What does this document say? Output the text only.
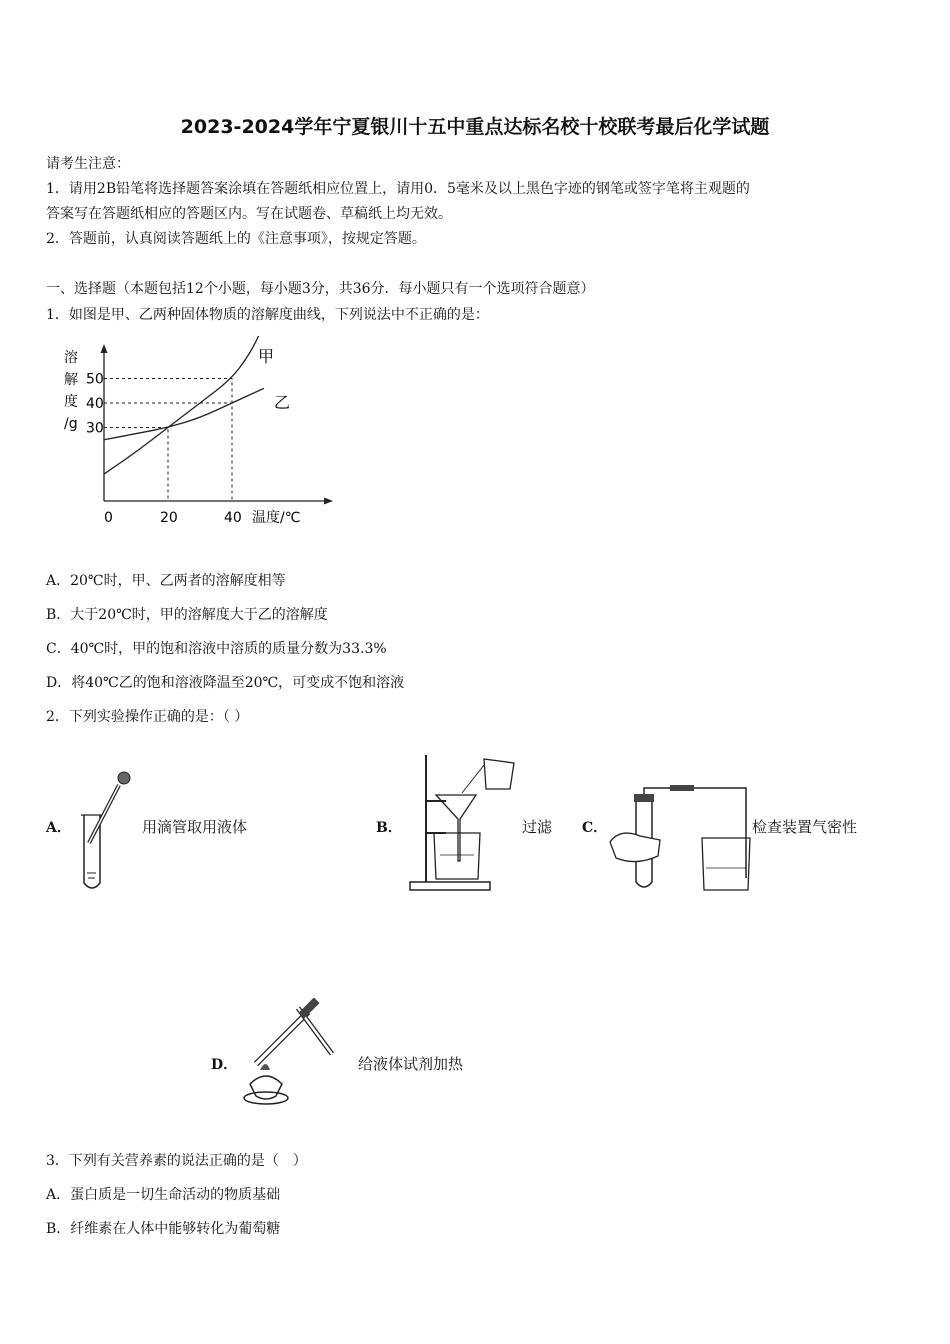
2023-2024学年宁夏银川十五中重点达标名校十校联考最后化学试题
请考生注意：
1．请用2B铅笔将选择题答案涂填在答题纸相应位置上，请用0．5毫米及以上黑色字迹的钢笔或签字笔将主观题的
答案写在答题纸相应的答题区内。写在试题卷、草稿纸上均无效。
2．答题前，认真阅读答题纸上的《注意事项》，按规定答题。
一、选择题（本题包括12个小题，每小题3分，共36分．每小题只有一个选项符合题意）
1．如图是甲、乙两种固体物质的溶解度曲线，下列说法中不正确的是：
溶
解
度
/g 30
40
50
0	20	40
甲
乙
温度/℃
A．20℃时，甲、乙两者的溶解度相等
B．大于20℃时，甲的溶解度大于乙的溶解度
C．40℃时，甲的饱和溶液中溶质的质量分数为33.3%
D．将40℃乙的饱和溶液降温至20℃，可变成不饱和溶液
2．下列实验操作正确的是：（ ）
A．	用滴管取用液体	B．	过滤 C．	检查装置气密性
D．	给液体试剂加热
3．下列有关营养素的说法正确的是（　）
A．蛋白质是一切生命活动的物质基础
B．纤维素在人体中能够转化为葡萄糖
